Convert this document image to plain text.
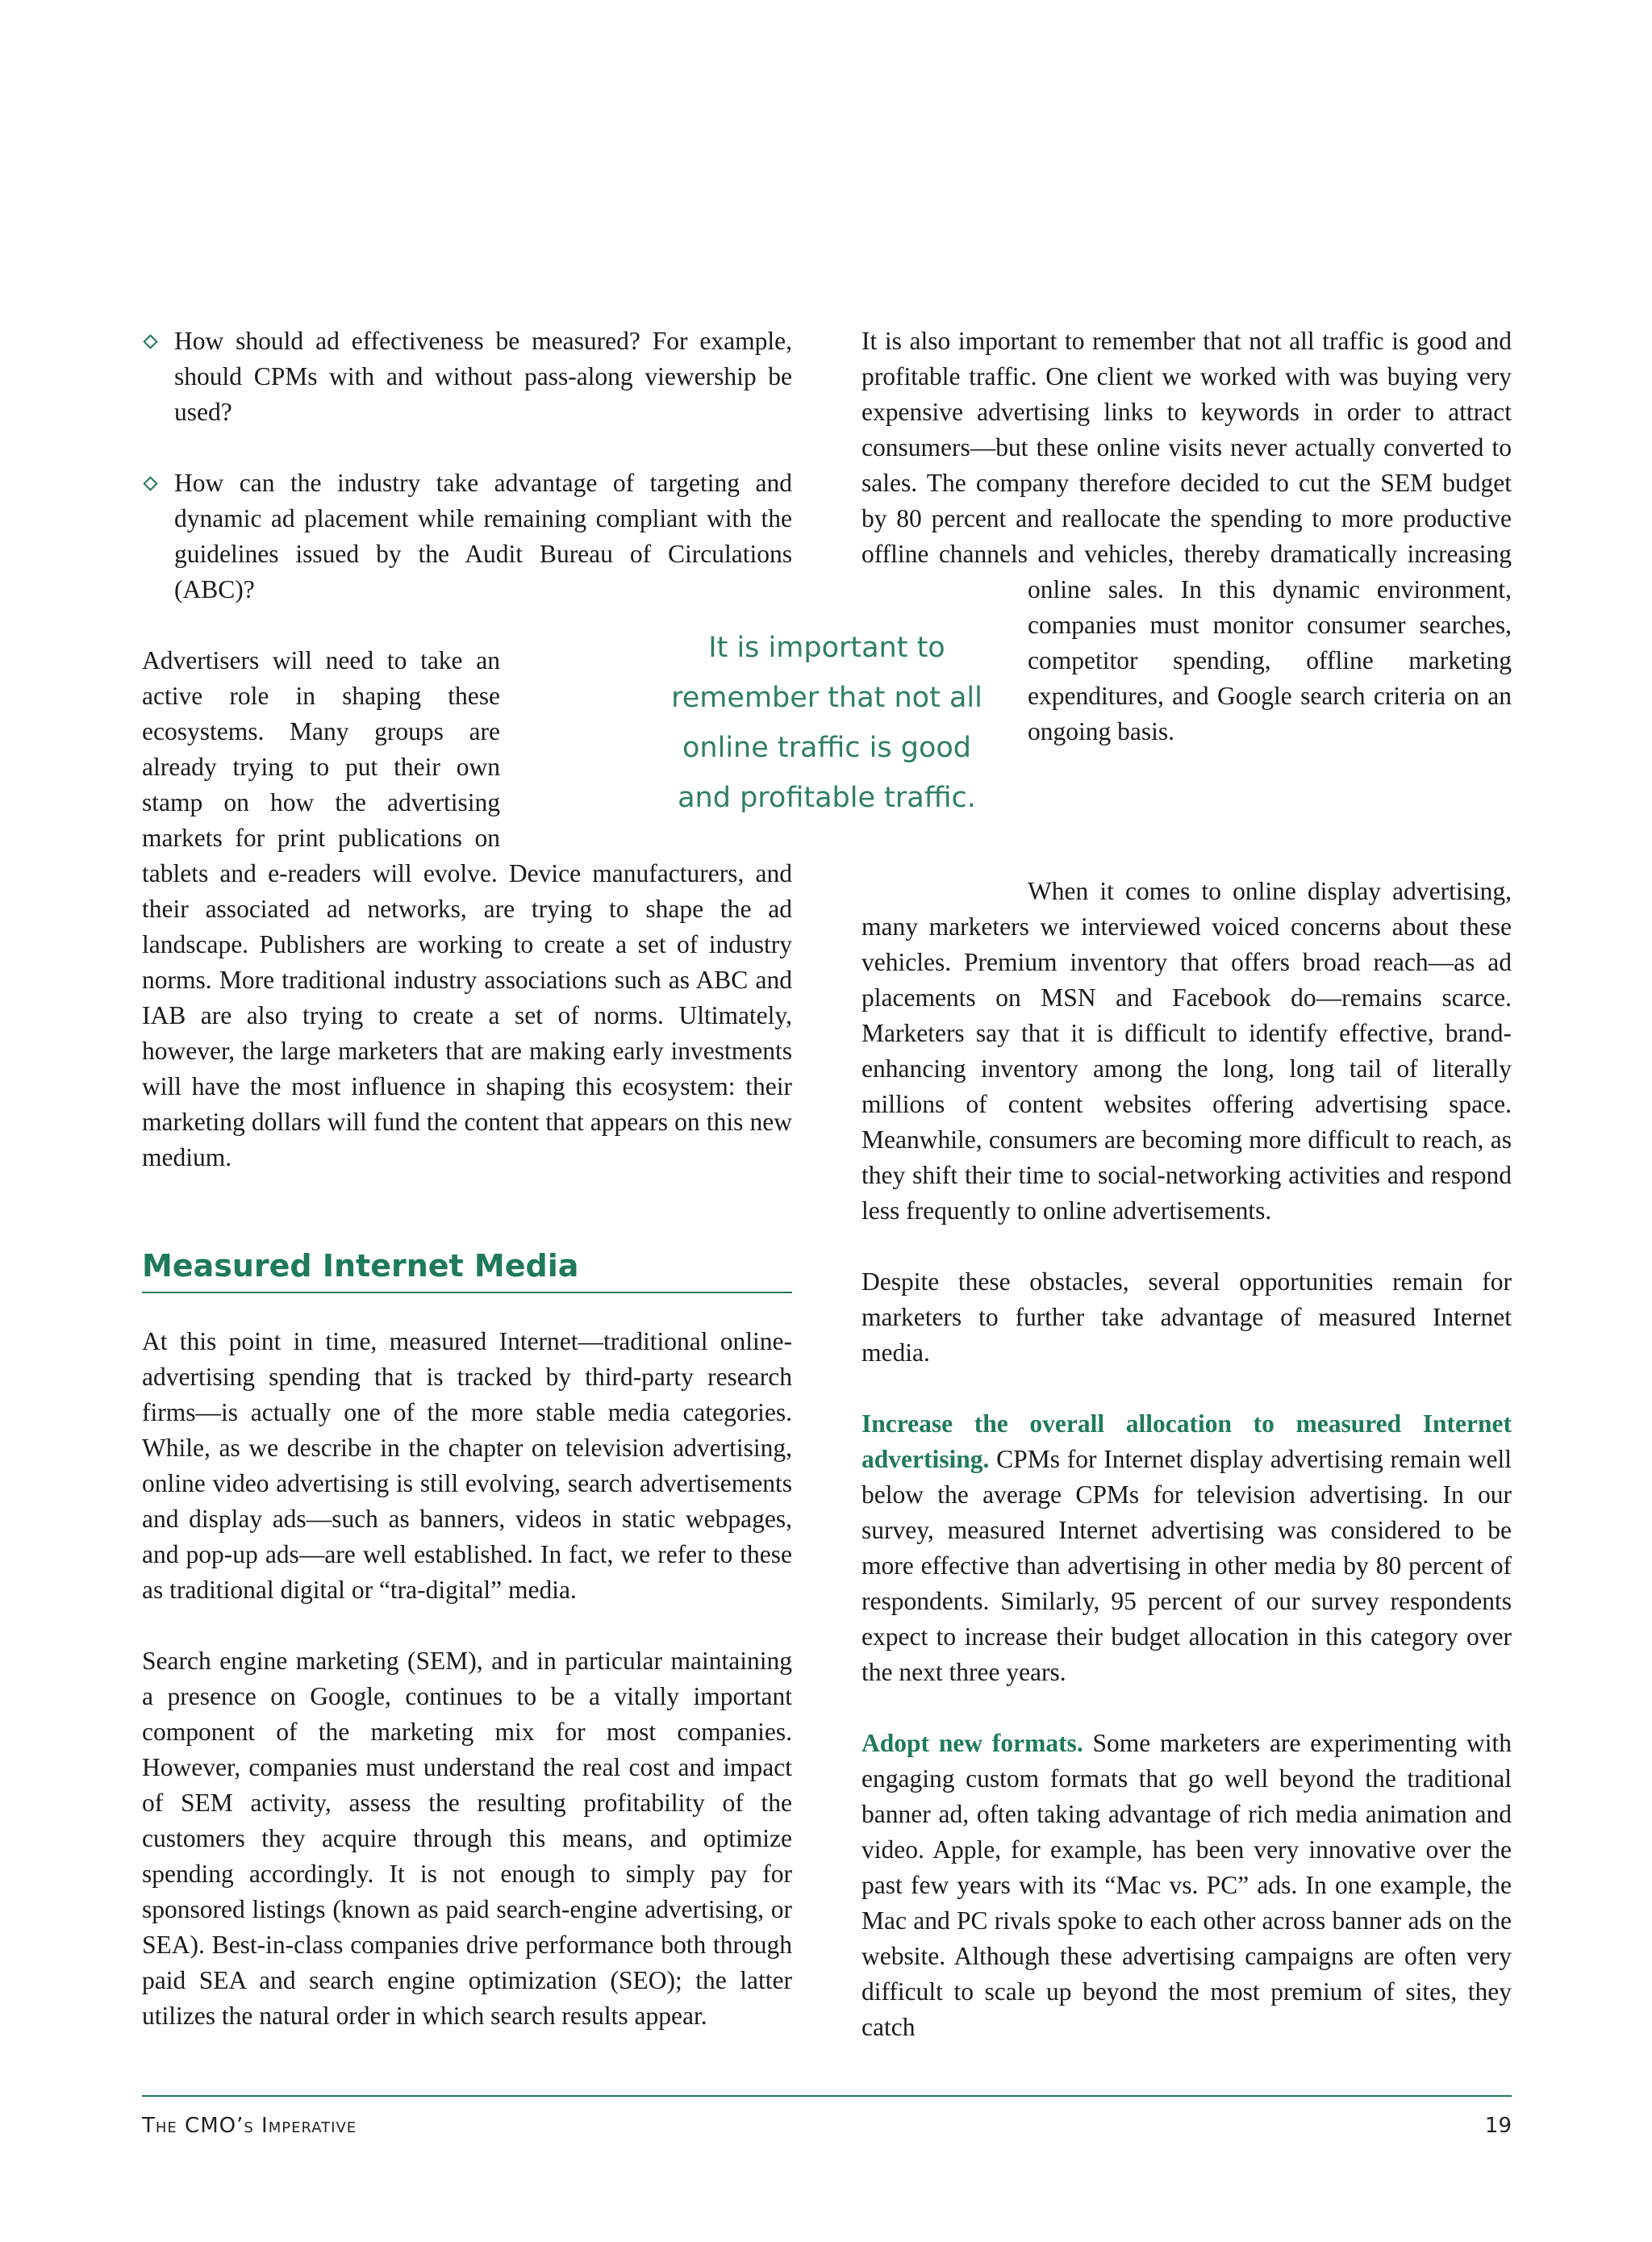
How should ad effectiveness be measured? For example, should CPMs with and without pass-along viewership be used?

How can the industry take advantage of targeting and dynamic ad placement while remaining compliant with the guidelines issued by the Audit Bureau of Circulations (ABC)?

Advertisers will need to take an active role in shaping these ecosystems. Many groups are already trying to put their own stamp on how the advertising markets for print publications on tablets and e-readers will evolve. Device manufacturers, and their associated ad networks, are trying to shape the ad landscape. Publishers are working to create a set of industry norms. More traditional industry associations such as ABC and IAB are also trying to create a set of norms. Ultimately, however, the large marketers that are making early investments will have the most influence in shaping this ecosystem: their marketing dollars will fund the content that appears on this new medium.

Measured Internet Media

At this point in time, measured Internet—traditional online-advertising spending that is tracked by third-party research firms—is actually one of the more stable media categories. While, as we describe in the chapter on television advertising, online video advertising is still evolving, search advertisements and display ads—such as banners, videos in static webpages, and pop-up ads—are well established. In fact, we refer to these as traditional digital or “tra-digital” media.

Search engine marketing (SEM), and in particular maintaining a presence on Google, continues to be a vitally important component of the marketing mix for most companies. However, companies must understand the real cost and impact of SEM activity, assess the resulting profitability of the customers they acquire through this means, and optimize spending accordingly. It is not enough to simply pay for sponsored listings (known as paid search-engine advertising, or SEA). Best-in-class companies drive performance both through paid SEA and search engine optimization (SEO); the latter utilizes the natural order in which search results appear.

It is important to remember that not all online traffic is good and profitable traffic.

It is also important to remember that not all traffic is good and profitable traffic. One client we worked with was buying very expensive advertising links to keywords in order to attract consumers—but these online visits never actually converted to sales. The company therefore decided to cut the SEM budget by 80 percent and reallocate the spending to more productive offline channels and vehicles, thereby dramatically increasing online sales. In this dynamic environment, companies must monitor consumer searches, competitor spending, offline marketing expenditures, and Google search criteria on an ongoing basis.

When it comes to online display advertising, many marketers we interviewed voiced concerns about these vehicles. Premium inventory that offers broad reach—as ad placements on MSN and Facebook do—remains scarce. Marketers say that it is difficult to identify effective, brand-enhancing inventory among the long, long tail of literally millions of content websites offering advertising space. Meanwhile, consumers are becoming more difficult to reach, as they shift their time to social-networking activities and respond less frequently to online advertisements.

Despite these obstacles, several opportunities remain for marketers to further take advantage of measured Internet media.

Increase the overall allocation to measured Internet advertising. CPMs for Internet display advertising remain well below the average CPMs for television advertising. In our survey, measured Internet advertising was considered to be more effective than advertising in other media by 80 percent of respondents. Similarly, 95 percent of our survey respondents expect to increase their budget allocation in this category over the next three years.

Adopt new formats. Some marketers are experimenting with engaging custom formats that go well beyond the traditional banner ad, often taking advantage of rich media animation and video. Apple, for example, has been very innovative over the past few years with its “Mac vs. PC” ads. In one example, the Mac and PC rivals spoke to each other across banner ads on the website. Although these advertising campaigns are often very difficult to scale up beyond the most premium of sites, they catch

The CMO’s Imperative	19
